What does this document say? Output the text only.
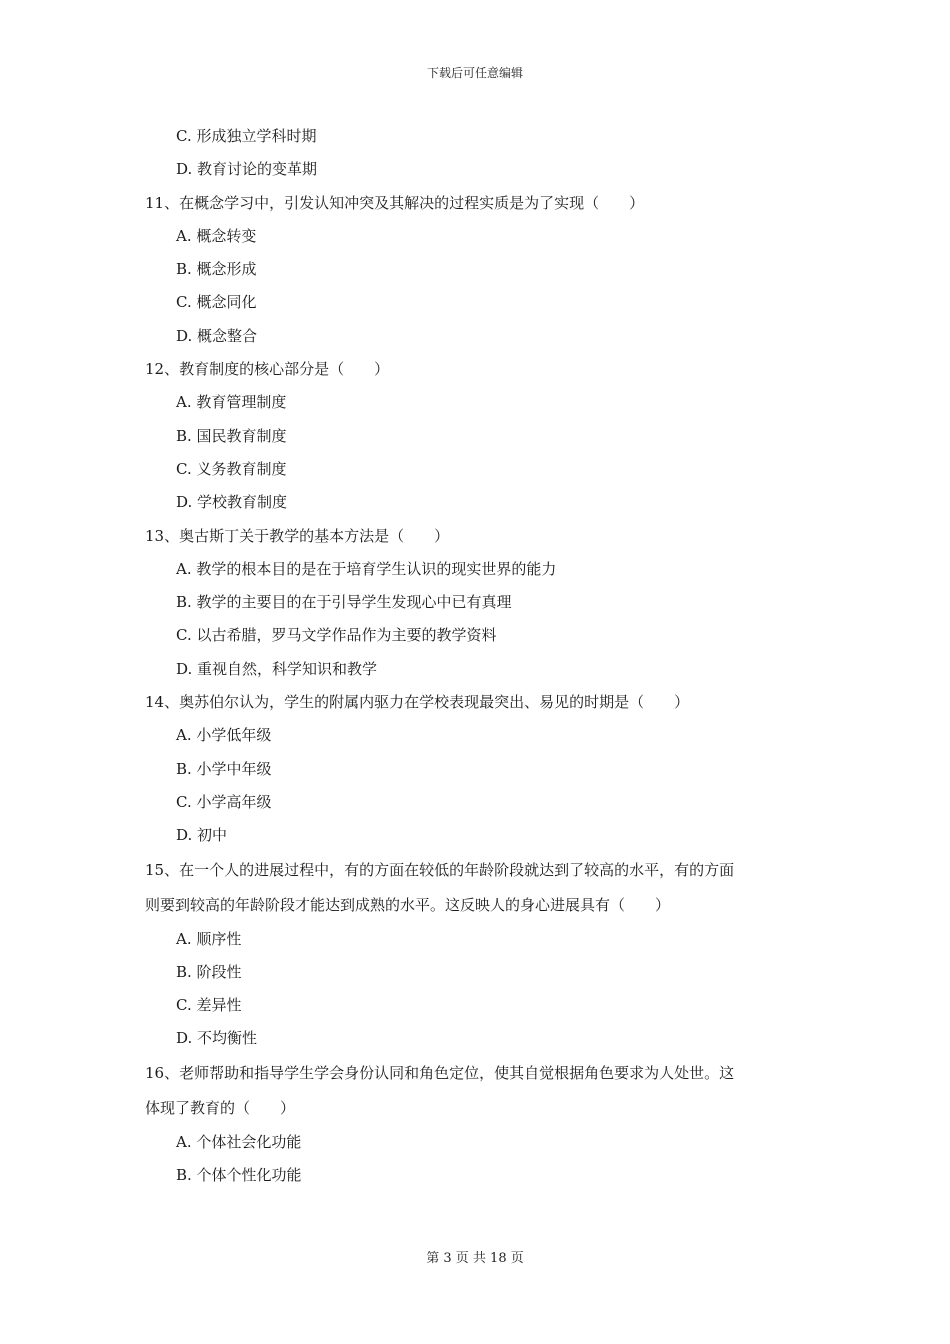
下载后可任意编辑
C. 形成独立学科时期
D. 教育讨论的变革期
11、在概念学习中，引发认知冲突及其解决的过程实质是为了实现（　　）
A. 概念转变
B. 概念形成
C. 概念同化
D. 概念整合
12、教育制度的核心部分是（　　）
A. 教育管理制度
B. 国民教育制度
C. 义务教育制度
D. 学校教育制度
13、奥古斯丁关于教学的基本方法是（　　）
A. 教学的根本目的是在于培育学生认识的现实世界的能力
B. 教学的主要目的在于引导学生发现心中已有真理
C. 以古希腊，罗马文学作品作为主要的教学资料
D. 重视自然，科学知识和教学
14、奥苏伯尔认为，学生的附属内驱力在学校表现最突出、易见的时期是（　　）
A. 小学低年级
B. 小学中年级
C. 小学高年级
D. 初中
15、在一个人的进展过程中，有的方面在较低的年龄阶段就达到了较高的水平，有的方面
则要到较高的年龄阶段才能达到成熟的水平。这反映人的身心进展具有（　　）
A. 顺序性
B. 阶段性
C. 差异性
D. 不均衡性
16、老师帮助和指导学生学会身份认同和角色定位，使其自觉根据角色要求为人处世。这
体现了教育的（　　）
A. 个体社会化功能
B. 个体个性化功能
第 3 页 共 18 页
